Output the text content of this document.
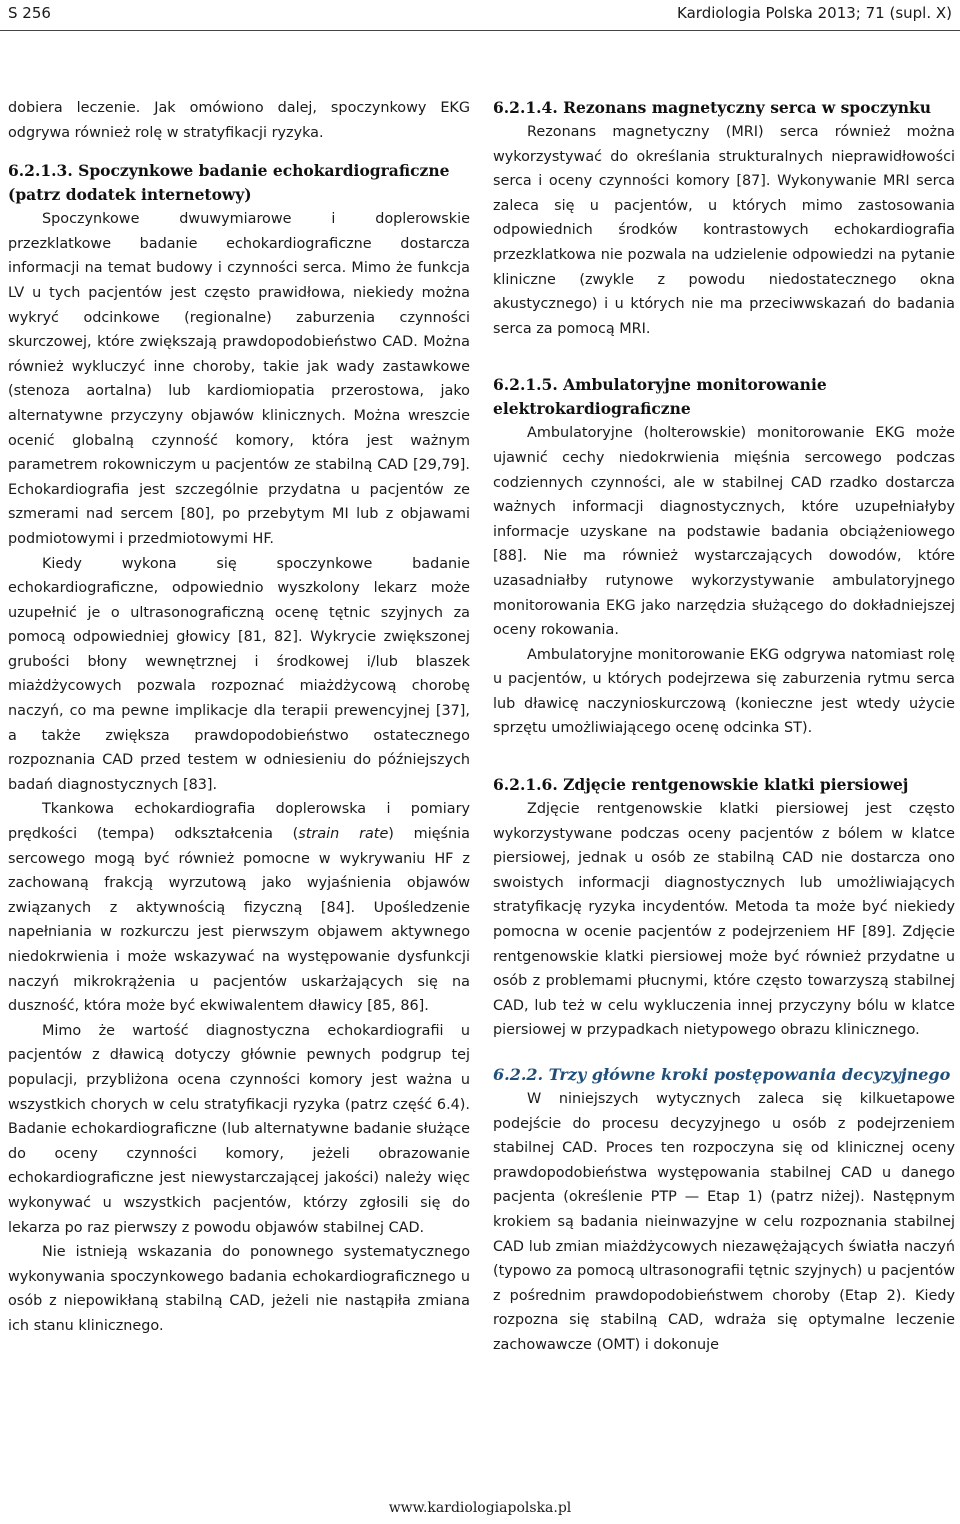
S 256	Kardiologia Polska 2013; 71 (supl. X)

dobiera leczenie. Jak omówiono dalej, spoczynkowy EKG odgrywa również rolę w stratyfikacji ryzyka.

6.2.1.3. Spoczynkowe badanie echokardiograficzne (patrz dodatek internetowy)

Spoczynkowe dwuwymiarowe i doplerowskie przezklatkowe badanie echokardiograficzne dostarcza informacji na temat budowy i czynności serca. Mimo że funkcja LV u tych pacjentów jest często prawidłowa, niekiedy można wykryć odcinkowe (regionalne) zaburzenia czynności skurczowej, które zwiększają prawdopodobieństwo CAD. Można również wykluczyć inne choroby, takie jak wady zastawkowe (stenoza aortalna) lub kardiomiopatia przerostowa, jako alternatywne przyczyny objawów klinicznych. Można wreszcie ocenić globalną czynność komory, która jest ważnym parametrem rokowniczym u pacjentów ze stabilną CAD [29,79]. Echokardiografia jest szczególnie przydatna u pacjentów ze szmerami nad sercem [80], po przebytym MI lub z objawami podmiotowymi i przedmiotowymi HF.

Kiedy wykona się spoczynkowe badanie echokardiograficzne, odpowiednio wyszkolony lekarz może uzupełnić je o ultrasonograficzną ocenę tętnic szyjnych za pomocą odpowiedniej głowicy [81, 82]. Wykrycie zwiększonej grubości błony wewnętrznej i środkowej i/lub blaszek miażdżycowych pozwala rozpoznać miażdżycową chorobę naczyń, co ma pewne implikacje dla terapii prewencyjnej [37], a także zwiększa prawdopodobieństwo ostatecznego rozpoznania CAD przed testem w odniesieniu do późniejszych badań diagnostycznych [83].

Tkankowa echokardiografia doplerowska i pomiary prędkości (tempa) odkształcenia (strain rate) mięśnia sercowego mogą być również pomocne w wykrywaniu HF z zachowaną frakcją wyrzutową jako wyjaśnienia objawów związanych z aktywnością fizyczną [84]. Upośledzenie napełniania w rozkurczu jest pierwszym objawem aktywnego niedokrwienia i może wskazywać na występowanie dysfunkcji naczyń mikrokrążenia u pacjentów uskarżających się na duszność, która może być ekwiwalentem dławicy [85, 86].

Mimo że wartość diagnostyczna echokardiografii u pacjentów z dławicą dotyczy głównie pewnych podgrup tej populacji, przybliżona ocena czynności komory jest ważna u wszystkich chorych w celu stratyfikacji ryzyka (patrz część 6.4). Badanie echokardiograficzne (lub alternatywne badanie służące do oceny czynności komory, jeżeli obrazowanie echokardiograficzne jest niewystarczającej jakości) należy więc wykonywać u wszystkich pacjentów, którzy zgłosili się do lekarza po raz pierwszy z powodu objawów stabilnej CAD.

Nie istnieją wskazania do ponownego systematycznego wykonywania spoczynkowego badania echokardiograficznego u osób z niepowikłaną stabilną CAD, jeżeli nie nastąpiła zmiana ich stanu klinicznego.

6.2.1.4. Rezonans magnetyczny serca w spoczynku

Rezonans magnetyczny (MRI) serca również można wykorzystywać do określania strukturalnych nieprawidłowości serca i oceny czynności komory [87]. Wykonywanie MRI serca zaleca się u pacjentów, u których mimo zastosowania odpowiednich środków kontrastowych echokardiografia przezklatkowa nie pozwala na udzielenie odpowiedzi na pytanie kliniczne (zwykle z powodu niedostatecznego okna akustycznego) i u których nie ma przeciwwskazań do badania serca za pomocą MRI.

6.2.1.5. Ambulatoryjne monitorowanie elektrokardiograficzne

Ambulatoryjne (holterowskie) monitorowanie EKG może ujawnić cechy niedokrwienia mięśnia sercowego podczas codziennych czynności, ale w stabilnej CAD rzadko dostarcza ważnych informacji diagnostycznych, które uzupełniałyby informacje uzyskane na podstawie badania obciążeniowego [88]. Nie ma również wystarczających dowodów, które uzasadniałby rutynowe wykorzystywanie ambulatoryjnego monitorowania EKG jako narzędzia służącego do dokładniejszej oceny rokowania.

Ambulatoryjne monitorowanie EKG odgrywa natomiast rolę u pacjentów, u których podejrzewa się zaburzenia rytmu serca lub dławicę naczynioskurczową (konieczne jest wtedy użycie sprzętu umożliwiającego ocenę odcinka ST).

6.2.1.6. Zdjęcie rentgenowskie klatki piersiowej

Zdjęcie rentgenowskie klatki piersiowej jest często wykorzystywane podczas oceny pacjentów z bólem w klatce piersiowej, jednak u osób ze stabilną CAD nie dostarcza ono swoistych informacji diagnostycznych lub umożliwiających stratyfikację ryzyka incydentów. Metoda ta może być niekiedy pomocna w ocenie pacjentów z podejrzeniem HF [89]. Zdjęcie rentgenowskie klatki piersiowej może być również przydatne u osób z problemami płucnymi, które często towarzyszą stabilnej CAD, lub też w celu wykluczenia innej przyczyny bólu w klatce piersiowej w przypadkach nietypowego obrazu klinicznego.

6.2.2. Trzy główne kroki postępowania decyzyjnego

W niniejszych wytycznych zaleca się kilkuetapowe podejście do procesu decyzyjnego u osób z podejrzeniem stabilnej CAD. Proces ten rozpoczyna się od klinicznej oceny prawdopodobieństwa występowania stabilnej CAD u danego pacjenta (określenie PTP — Etap 1) (patrz niżej). Następnym krokiem są badania nieinwazyjne w celu rozpoznania stabilnej CAD lub zmian miażdżycowych niezawężających światła naczyń (typowo za pomocą ultrasonografii tętnic szyjnych) u pacjentów z pośrednim prawdopodobieństwem choroby (Etap 2). Kiedy rozpozna się stabilną CAD, wdraża się optymalne leczenie zachowawcze (OMT) i dokonuje

www.kardiologiapolska.pl
